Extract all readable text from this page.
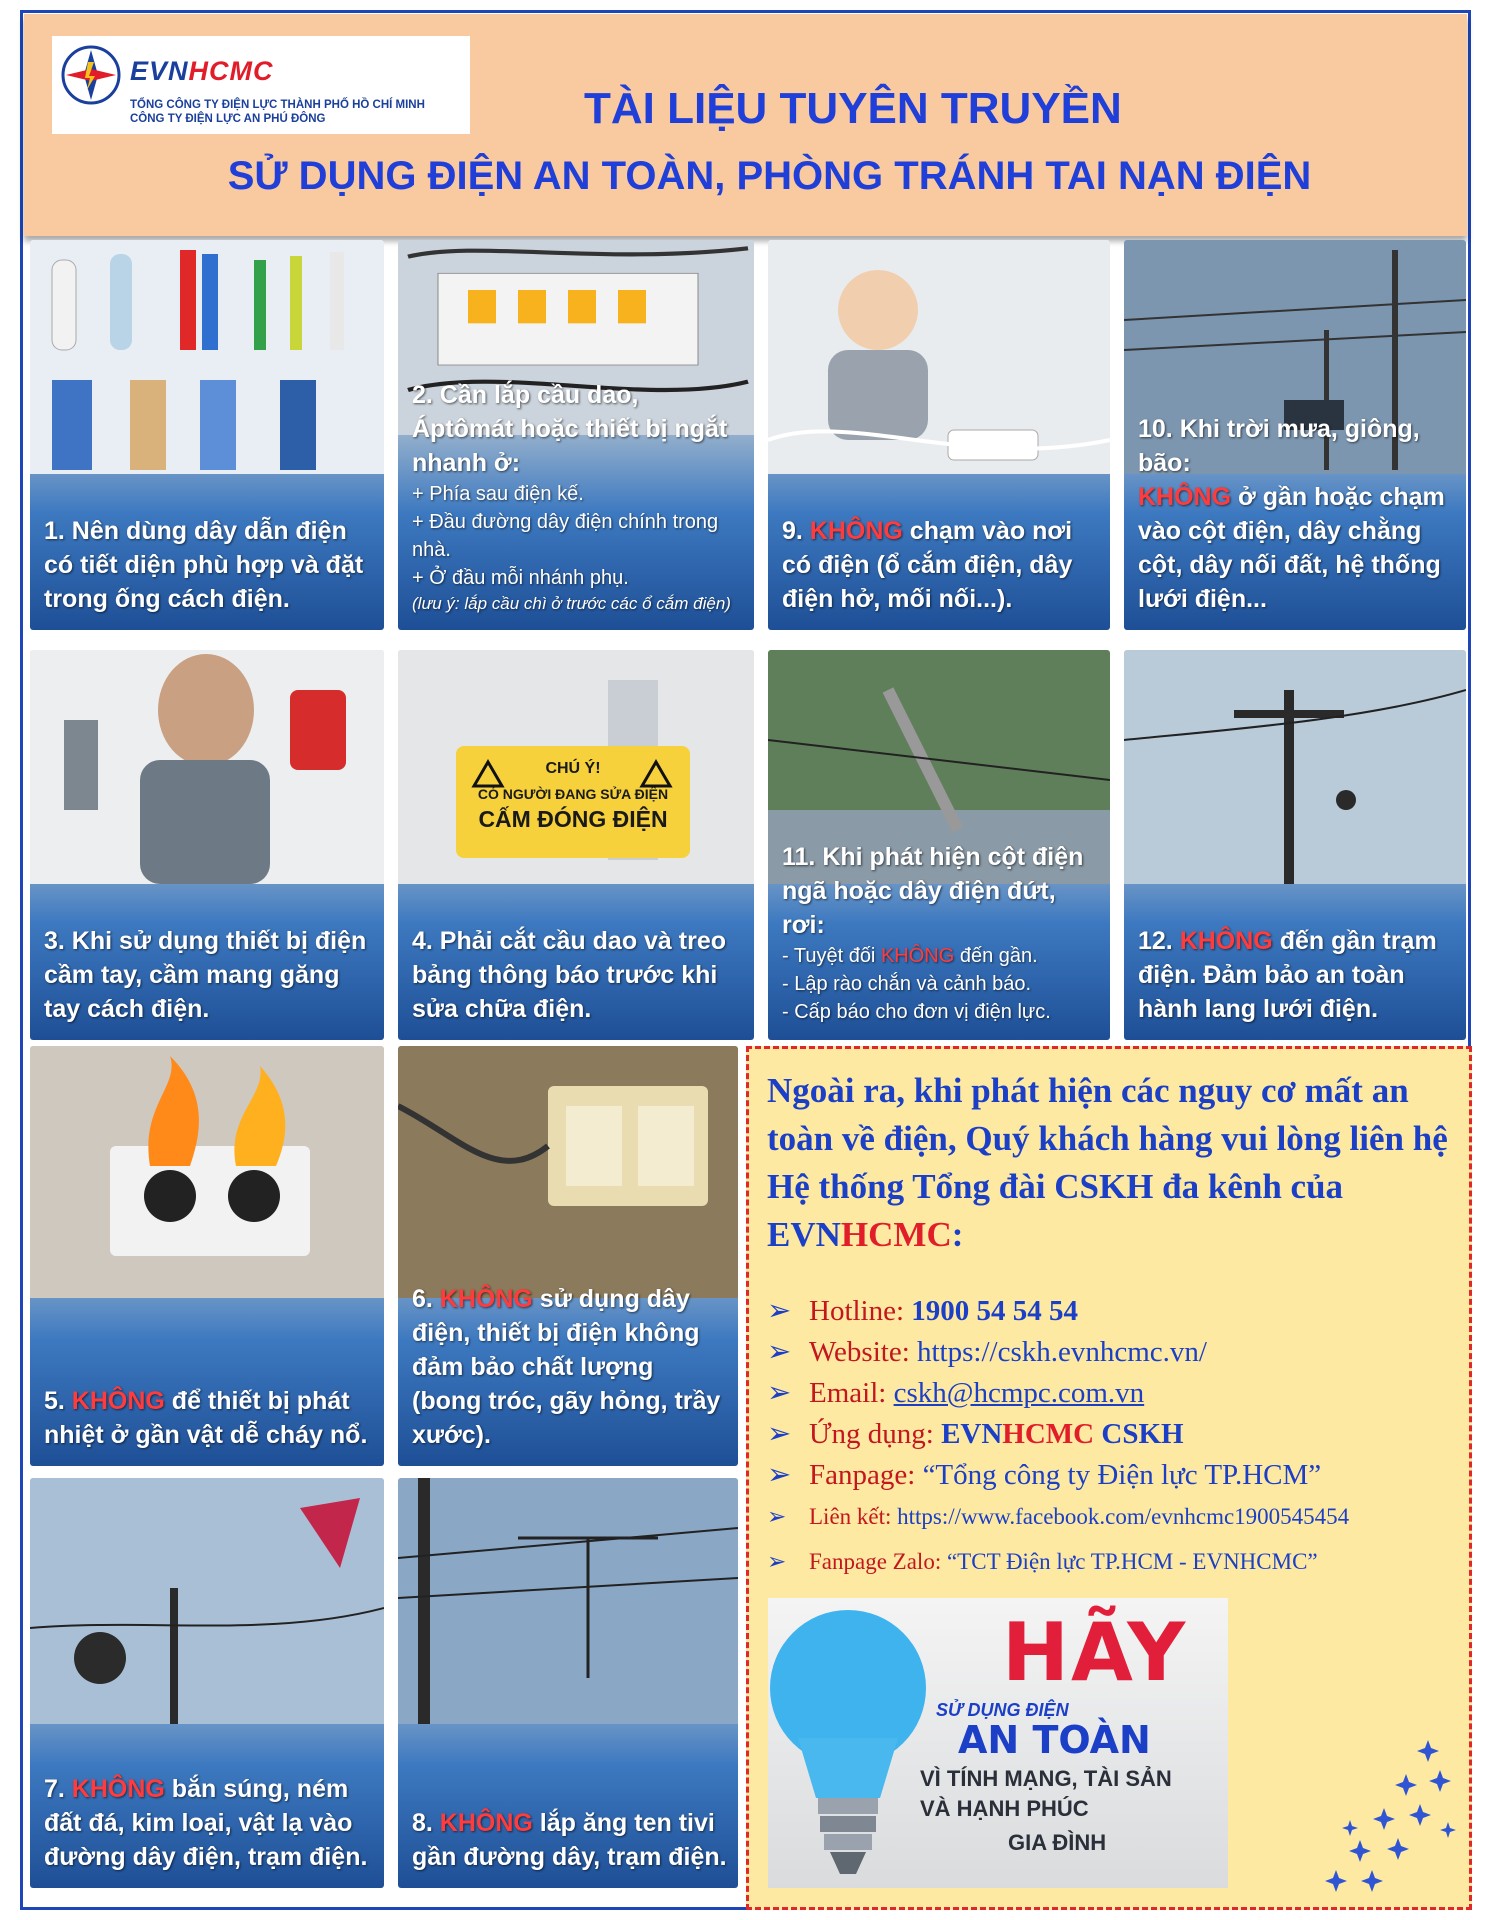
EVNHCMC
TỔNG CÔNG TY ĐIỆN LỰC THÀNH PHỐ HỒ CHÍ MINH
CÔNG TY ĐIỆN LỰC AN PHÚ ĐÔNG	TÀI LIỆU TUYÊN TRUYỀN
SỬ DỤNG ĐIỆN AN TOÀN, PHÒNG TRÁNH TAI NẠN ĐIỆN
1. Nên dùng dây dẫn điện có tiết diện phù hợp và đặt trong ống cách điện.
2. Cần lắp cầu dao, Áptômát hoặc thiết bị ngắt nhanh ở:
+ Phía sau điện kế.
+ Đầu đường dây điện chính trong nhà.
+ Ở đầu mỗi nhánh phụ.
(lưu ý: lắp cầu chì ở trước các ổ cắm điện)
9. KHÔNG chạm vào nơi có điện (ổ cắm điện, dây điện hở, mối nối...).
10. Khi trời mưa, giông, bão:
KHÔNG ở gần hoặc chạm vào cột điện, dây chằng cột, dây nối đất, hệ thống lưới điện...
3. Khi sử dụng thiết bị điện cầm tay, cầm mang găng tay cách điện.
CHÚ Ý!
CÓ NGƯỜI ĐANG SỬA ĐIỆN
CẤM ĐÓNG ĐIỆN
4. Phải cắt cầu dao và treo bảng thông báo trước khi sửa chữa điện.
11. Khi phát hiện cột điện ngã hoặc dây điện đứt, rơi:
- Tuyệt đối KHÔNG đến gần.
- Lập rào chắn và cảnh báo.
- Cấp báo cho đơn vị điện lực.
12. KHÔNG đến gần trạm điện. Đảm bảo an toàn hành lang lưới điện.
5. KHÔNG để thiết bị phát nhiệt ở gần vật dễ cháy nổ.
6. KHÔNG sử dụng dây điện, thiết bị điện không đảm bảo chất lượng (bong tróc, gãy hỏng, trầy xước).
7. KHÔNG bắn súng, ném đất đá, kim loại, vật lạ vào đường dây điện, trạm điện.
8. KHÔNG lắp ăng ten tivi gần đường dây, trạm điện.
Ngoài ra, khi phát hiện các nguy cơ mất an toàn về điện, Quý khách hàng vui lòng liên hệ Hệ thống Tổng đài CSKH đa kênh của EVNHCMC:
➢ Hotline: 1900 54 54 54
➢ Website: https://cskh.evnhcmc.vn/
➢ Email: cskh@hcmpc.com.vn
➢ Ứng dụng: EVNHCMC CSKH
➢ Fanpage: “Tổng công ty Điện lực TP.HCM”
➢ Liên kết: https://www.facebook.com/evnhcmc1900545454
➢ Fanpage Zalo: “TCT Điện lực TP.HCM - EVNHCMC”
HÃY
SỬ DỤNG ĐIỆN
AN TOÀN
VÌ TÍNH MẠNG, TÀI SẢN
VÀ HẠNH PHÚC
GIA ĐÌNH
